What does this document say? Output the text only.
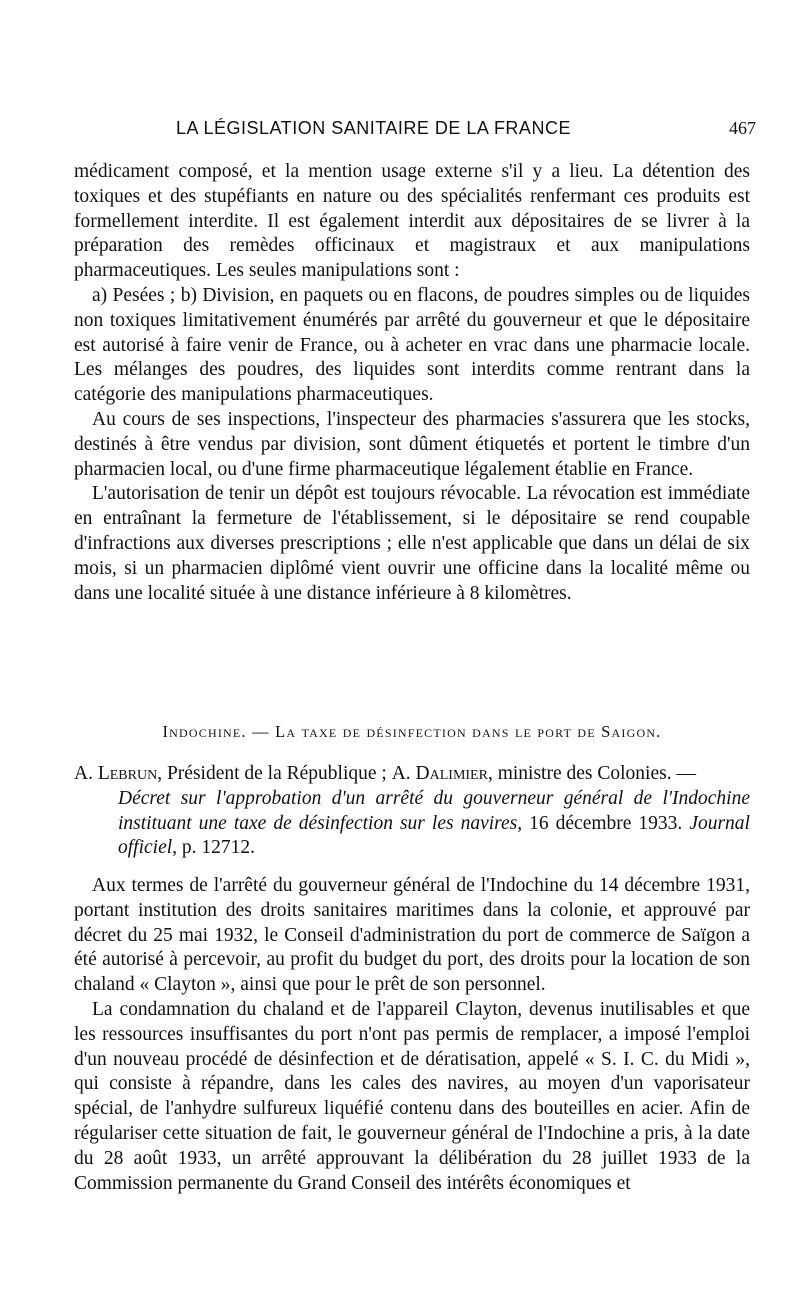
LA LÉGISLATION SANITAIRE DE LA FRANCE	467

médicament composé, et la mention usage externe s'il y a lieu. La détention des toxiques et des stupéfiants en nature ou des spécialités renfermant ces produits est formellement interdite. Il est également interdit aux dépositaires de se livrer à la préparation des remèdes officinaux et magistraux et aux manipulations pharmaceutiques. Les seules manipulations sont :

a) Pesées ; b) Division, en paquets ou en flacons, de poudres simples ou de liquides non toxiques limitativement énumérés par arrêté du gouverneur et que le dépositaire est autorisé à faire venir de France, ou à acheter en vrac dans une pharmacie locale. Les mélanges des poudres, des liquides sont interdits comme rentrant dans la catégorie des manipulations pharmaceutiques.

Au cours de ses inspections, l'inspecteur des pharmacies s'assurera que les stocks, destinés à être vendus par division, sont dûment étiquetés et portent le timbre d'un pharmacien local, ou d'une firme pharmaceutique légalement établie en France.

L'autorisation de tenir un dépôt est toujours révocable. La révocation est immédiate en entraînant la fermeture de l'établissement, si le dépositaire se rend coupable d'infractions aux diverses prescriptions ; elle n'est applicable que dans un délai de six mois, si un pharmacien diplômé vient ouvrir une officine dans la localité même ou dans une localité située à une distance inférieure à 8 kilomètres.

Indochine. — La taxe de désinfection dans le port de Saigon.
A. Lebrun, Président de la République ; A. Dalimier, ministre des Colonies. —
Décret sur l'approbation d'un arrêté du gouverneur général de l'Indochine instituant une taxe de désinfection sur les navires, 16 décembre 1933. Journal officiel, p. 12712.

Aux termes de l'arrêté du gouverneur général de l'Indochine du 14 décembre 1931, portant institution des droits sanitaires maritimes dans la colonie, et approuvé par décret du 25 mai 1932, le Conseil d'administration du port de commerce de Saïgon a été autorisé à percevoir, au profit du budget du port, des droits pour la location de son chaland « Clayton », ainsi que pour le prêt de son personnel.

La condamnation du chaland et de l'appareil Clayton, devenus inutilisables et que les ressources insuffisantes du port n'ont pas permis de remplacer, a imposé l'emploi d'un nouveau procédé de désinfection et de dératisation, appelé « S. I. C. du Midi », qui consiste à répandre, dans les cales des navires, au moyen d'un vaporisateur spécial, de l'anhydre sulfureux liquéfié contenu dans des bouteilles en acier. Afin de régulariser cette situation de fait, le gouverneur général de l'Indochine a pris, à la date du 28 août 1933, un arrêté approuvant la délibération du 28 juillet 1933 de la Commission permanente du Grand Conseil des intérêts économiques et
